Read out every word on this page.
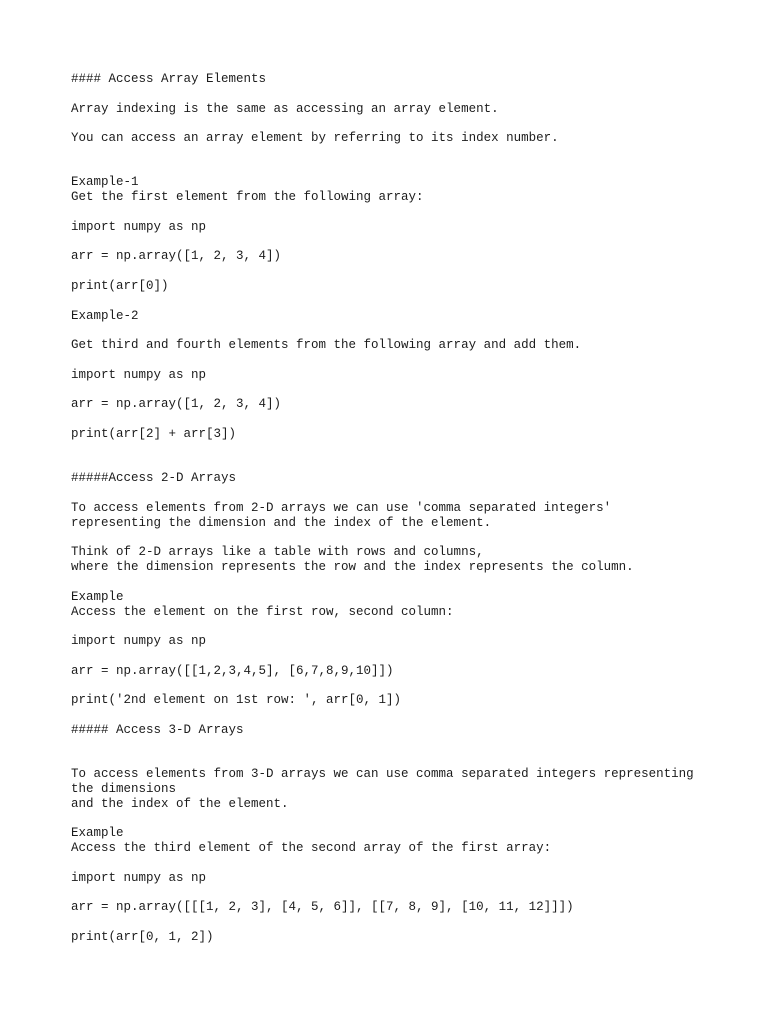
#### Access Array Elements

Array indexing is the same as accessing an array element.

You can access an array element by referring to its index number.

Example-1

Get the first element from the following array:

import numpy as np

arr = np.array([1, 2, 3, 4])

print(arr[0])

Example-2

Get third and fourth elements from the following array and add them.

import numpy as np

arr = np.array([1, 2, 3, 4])

print(arr[2] + arr[3])

#####Access 2-D Arrays

To access elements from 2-D arrays we can use 'comma separated integers'

representing the dimension and the index of the element.

Think of 2-D arrays like a table with rows and columns,

where the dimension represents the row and the index represents the column.

Example

Access the element on the first row, second column:

import numpy as np

arr = np.array([[1,2,3,4,5], [6,7,8,9,10]])

print('2nd element on 1st row: ', arr[0, 1])

##### Access 3-D Arrays

To access elements from 3-D arrays we can use comma separated integers representing

the dimensions

and the index of the element.

Example

Access the third element of the second array of the first array:

import numpy as np

arr = np.array([[[1, 2, 3], [4, 5, 6]], [[7, 8, 9], [10, 11, 12]]])

print(arr[0, 1, 2])
